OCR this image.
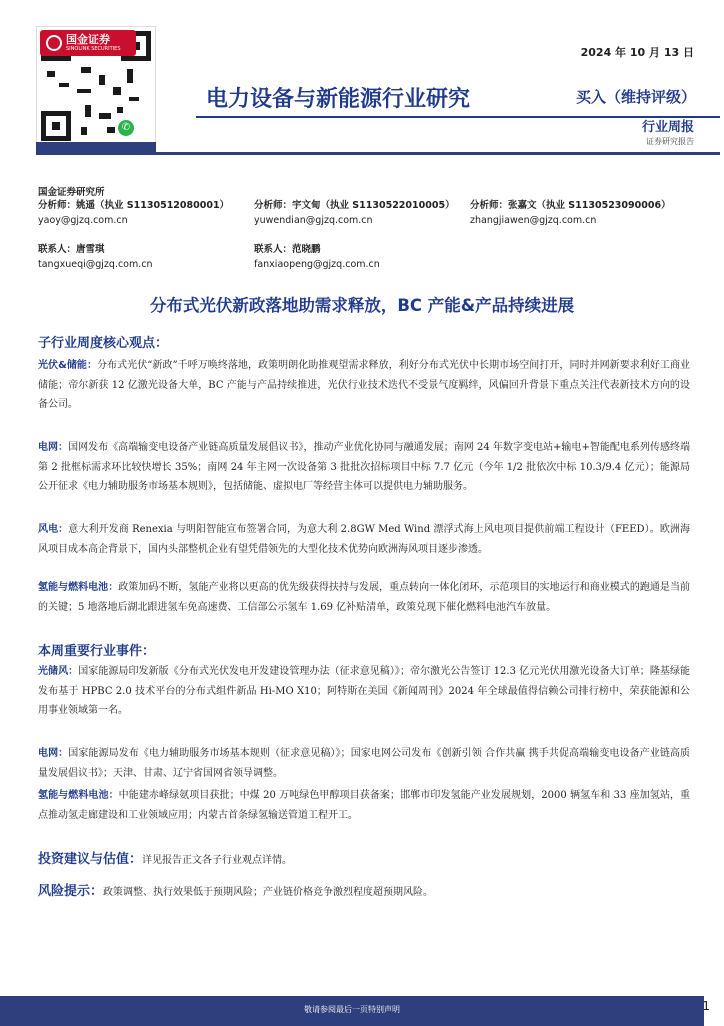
国金证券
SINOLINK SECURITIES
✆
2024 年 10 月 13 日
电力设备与新能源行业研究	买入（维持评级）
行业周报
证券研究报告
国金证券研究所
分析师：姚遥（执业 S1130512080001）
yaoy@gjzq.com.cn
分析师：宇文甸（执业 S1130522010005）
yuwendian@gjzq.com.cn
分析师：张嘉文（执业 S1130523090006）
zhangjiawen@gjzq.com.cn
联系人：唐雪琪
tangxueqi@gjzq.com.cn
联系人：范晓鹏
fanxiaopeng@gjzq.com.cn
分布式光伏新政落地助需求释放，BC 产能&产品持续进展
子行业周度核心观点：
光伏&储能：分布式光伏“新政”千呼万唤终落地，政策明朗化助推观望需求释放，利好分布式光伏中长期市场空间打开，同时并网新要求利好工商业储能；帝尔新获 12 亿激光设备大单，BC 产能与产品持续推进，光伏行业技术迭代不受景气度羁绊，风偏回升背景下重点关注代表新技术方向的设备公司。
电网：国网发布《高端输变电设备产业链高质量发展倡议书》，推动产业优化协同与融通发展；南网 24 年数字变电站+输电+智能配电系列传感终端第 2 批框标需求环比较快增长 35%；南网 24 年主网一次设备第 3 批批次招标项目中标 7.7 亿元（今年 1/2 批依次中标 10.3/9.4 亿元）；能源局公开征求《电力辅助服务市场基本规则》，包括储能、虚拟电厂等经营主体可以提供电力辅助服务。
风电：意大利开发商 Renexia 与明阳智能宣布签署合同，为意大利 2.8GW Med Wind 漂浮式海上风电项目提供前端工程设计（FEED）。欧洲海风项目成本高企背景下，国内头部整机企业有望凭借领先的大型化技术优势向欧洲海风项目逐步渗透。
氢能与燃料电池：政策加码不断，氢能产业将以更高的优先级获得扶持与发展，重点转向一体化闭环，示范项目的实地运行和商业模式的跑通是当前的关键；5 地落地后湖北跟进氢车免高速费、工信部公示氢车 1.69 亿补贴清单，政策兑现下催化燃料电池汽车放量。
本周重要行业事件：
光储风：国家能源局印发新版《分布式光伏发电开发建设管理办法（征求意见稿）》；帝尔激光公告签订 12.3 亿元光伏用激光设备大订单；隆基绿能发布基于 HPBC 2.0 技术平台的分布式组件新品 Hi-MO X10；阿特斯在美国《新闻周刊》2024 年全球最值得信赖公司排行榜中，荣获能源和公用事业领域第一名。
电网：国家能源局发布《电力辅助服务市场基本规则（征求意见稿）》；国家电网公司发布《创新引领 合作共赢 携手共促高端输变电设备产业链高质量发展倡议书》；天津、甘肃、辽宁省国网省领导调整。
氢能与燃料电池：中能建赤峰绿氨项目获批；中煤 20 万吨绿色甲醇项目获备案；邯郸市印发氢能产业发展规划，2000 辆氢车和 33 座加氢站，重点推动氢走廊建设和工业领域应用；内蒙古首条绿氢输送管道工程开工。
投资建议与估值：详见报告正文各子行业观点详情。
风险提示：政策调整、执行效果低于预期风险；产业链价格竞争激烈程度超预期风险。
敬请参阅最后一页特别声明	1
